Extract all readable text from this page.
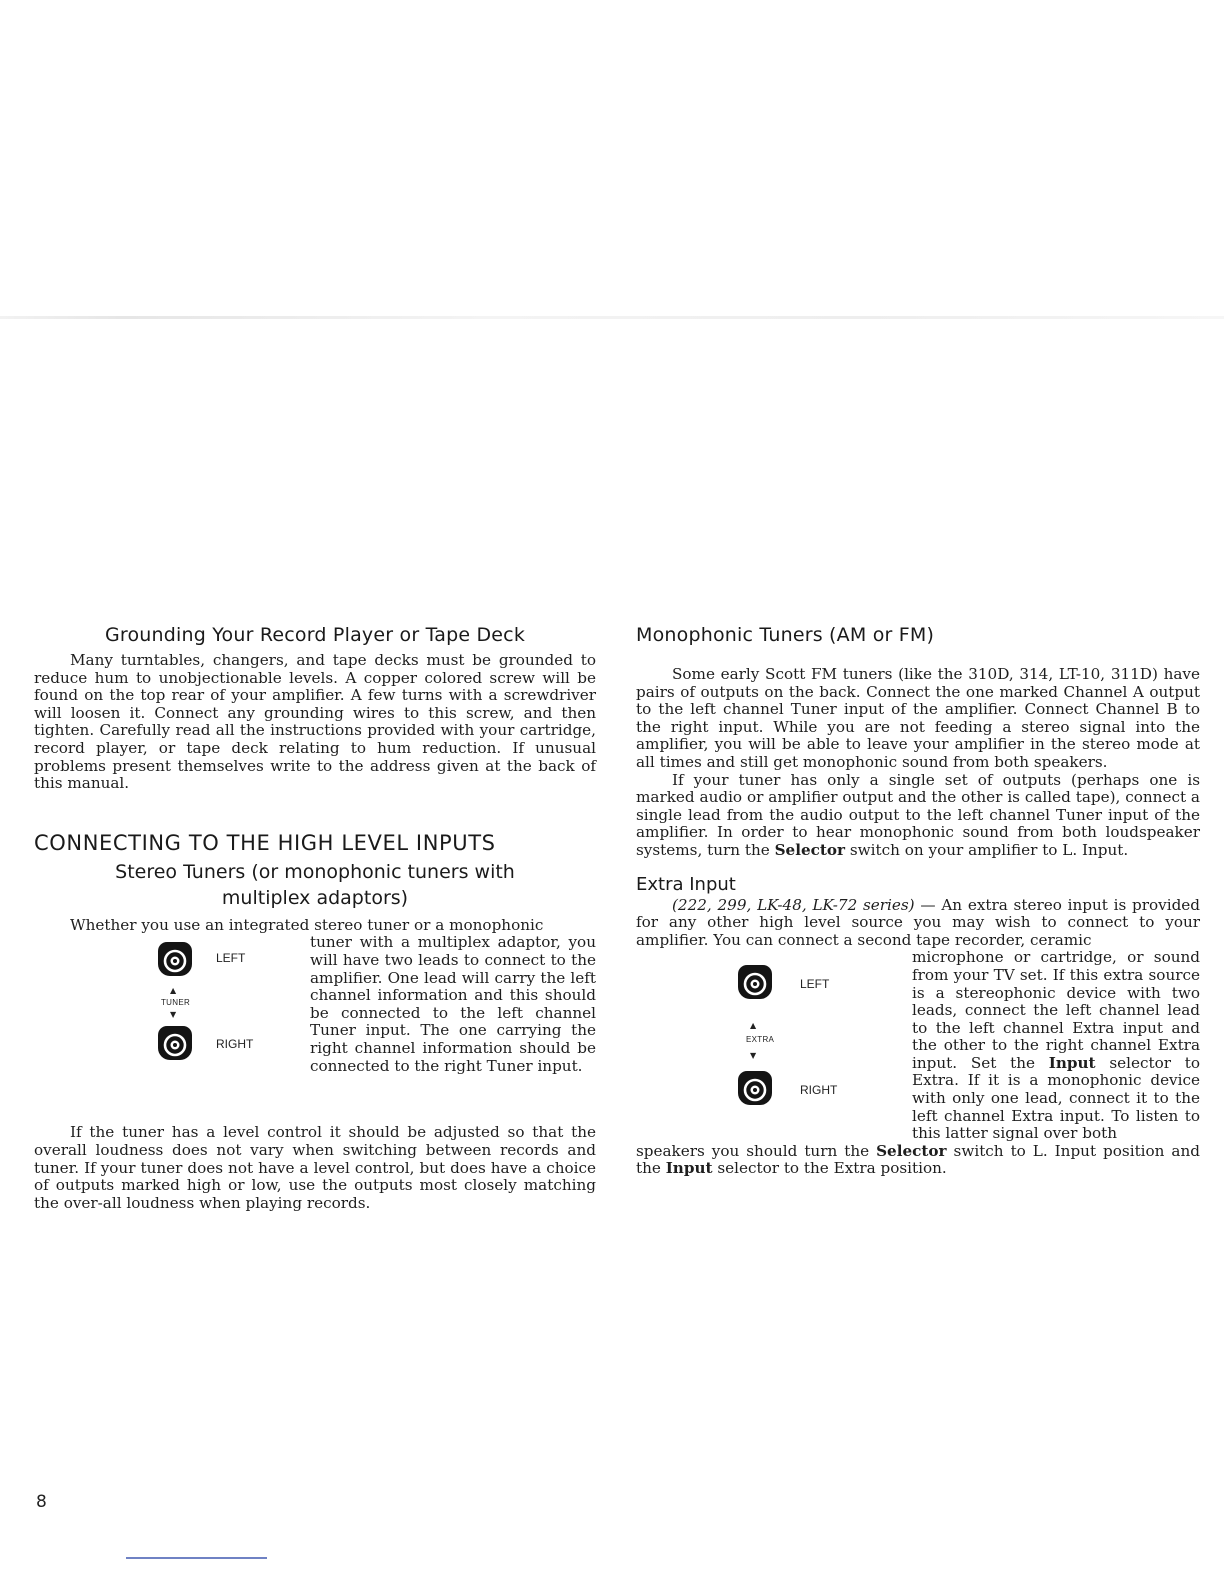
Grounding Your Record Player or Tape Deck

Many turntables, changers, and tape decks must be grounded to reduce hum to unobjectionable levels. A copper colored screw will be found on the top rear of your amplifier. A few turns with a screwdriver will loosen it. Connect any grounding wires to this screw, and then tighten. Carefully read all the instructions provided with your cartridge, record player, or tape deck relating to hum reduction. If unusual problems present themselves write to the address given at the back of this manual.

CONNECTING TO THE HIGH LEVEL INPUTS
Stereo Tuners (or monophonic tuners with multiplex adaptors)

Whether you use an integrated stereo tuner or a monophonic

LEFT
▲
TUNER
▼
RIGHT

tuner with a multiplex adaptor, you will have two leads to connect to the amplifier. One lead will carry the left channel information and this should be connected to the left channel Tuner input. The one carrying the right channel information should be connected to the right Tuner input.

If the tuner has a level control it should be adjusted so that the overall loudness does not vary when switching between records and tuner. If your tuner does not have a level control, but does have a choice of outputs marked high or low, use the outputs most closely matching the over-all loudness when playing records.

Monophonic Tuners (AM or FM)

Some early Scott FM tuners (like the 310D, 314, LT-10, 311D) have pairs of outputs on the back. Connect the one marked Channel A output to the left channel Tuner input of the amplifier. Connect Channel B to the right input. While you are not feeding a stereo signal into the amplifier, you will be able to leave your amplifier in the stereo mode at all times and still get monophonic sound from both speakers.

If your tuner has only a single set of outputs (perhaps one is marked audio or amplifier output and the other is called tape), connect a single lead from the audio output to the left channel Tuner input of the amplifier. In order to hear monophonic sound from both loudspeaker systems, turn the Selector switch on your amplifier to L. Input.

Extra Input

(222, 299, LK-48, LK-72 series) — An extra stereo input is provided for any other high level source you may wish to connect to your amplifier. You can connect a second tape recorder, ceramic

LEFT
▲
EXTRA
▼
RIGHT

microphone or cartridge, or sound from your TV set. If this extra source is a stereophonic device with two leads, connect the left channel lead to the left channel Extra input and the other to the right channel Extra input. Set the Input selector to Extra. If it is a monophonic device with only one lead, connect it to the left channel Extra input. To listen to this latter signal over both

speakers you should turn the Selector switch to L. Input position and the Input selector to the Extra position.

8
